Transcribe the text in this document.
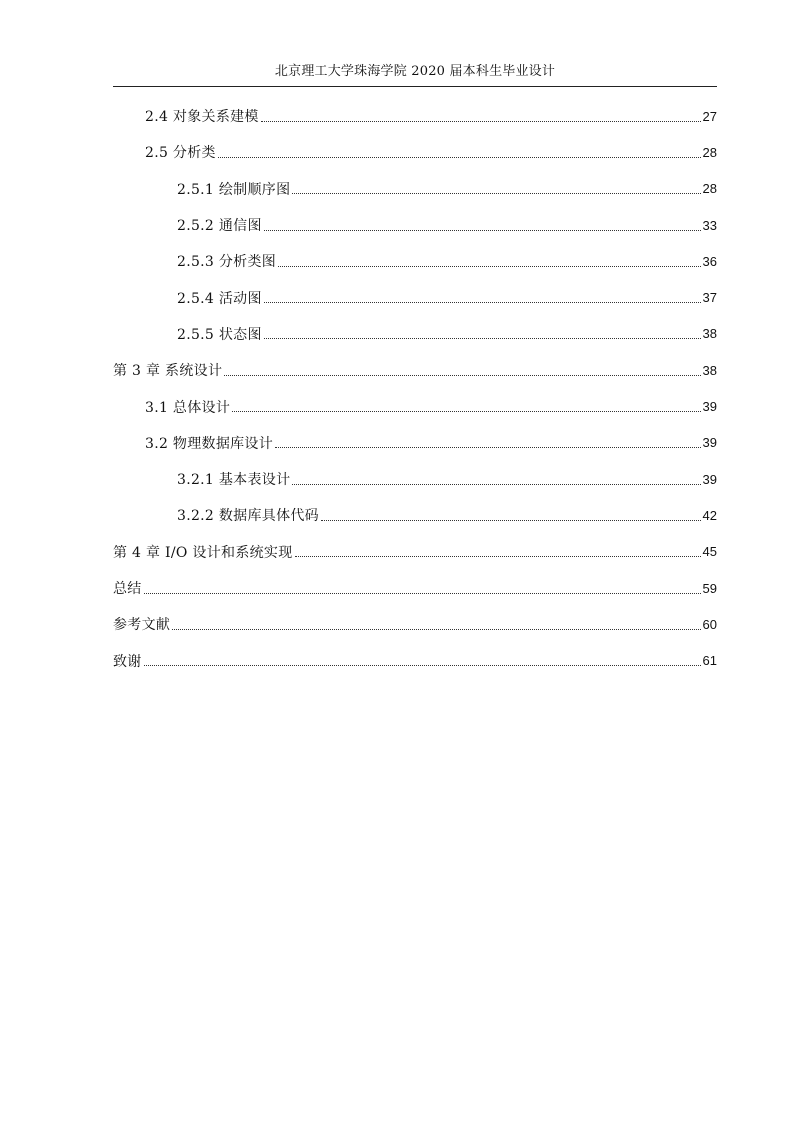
北京理工大学珠海学院 2020 届本科生毕业设计
2.4 对象关系建模	27
2.5 分析类	28
2.5.1 绘制顺序图	28
2.5.2 通信图	33
2.5.3 分析类图	36
2.5.4 活动图	37
2.5.5 状态图	38
第 3 章 系统设计	38
3.1 总体设计	39
3.2 物理数据库设计	39
3.2.1 基本表设计	39
3.2.2 数据库具体代码	42
第 4 章 I/O 设计和系统实现	45
总结	59
参考文献	60
致谢	61
